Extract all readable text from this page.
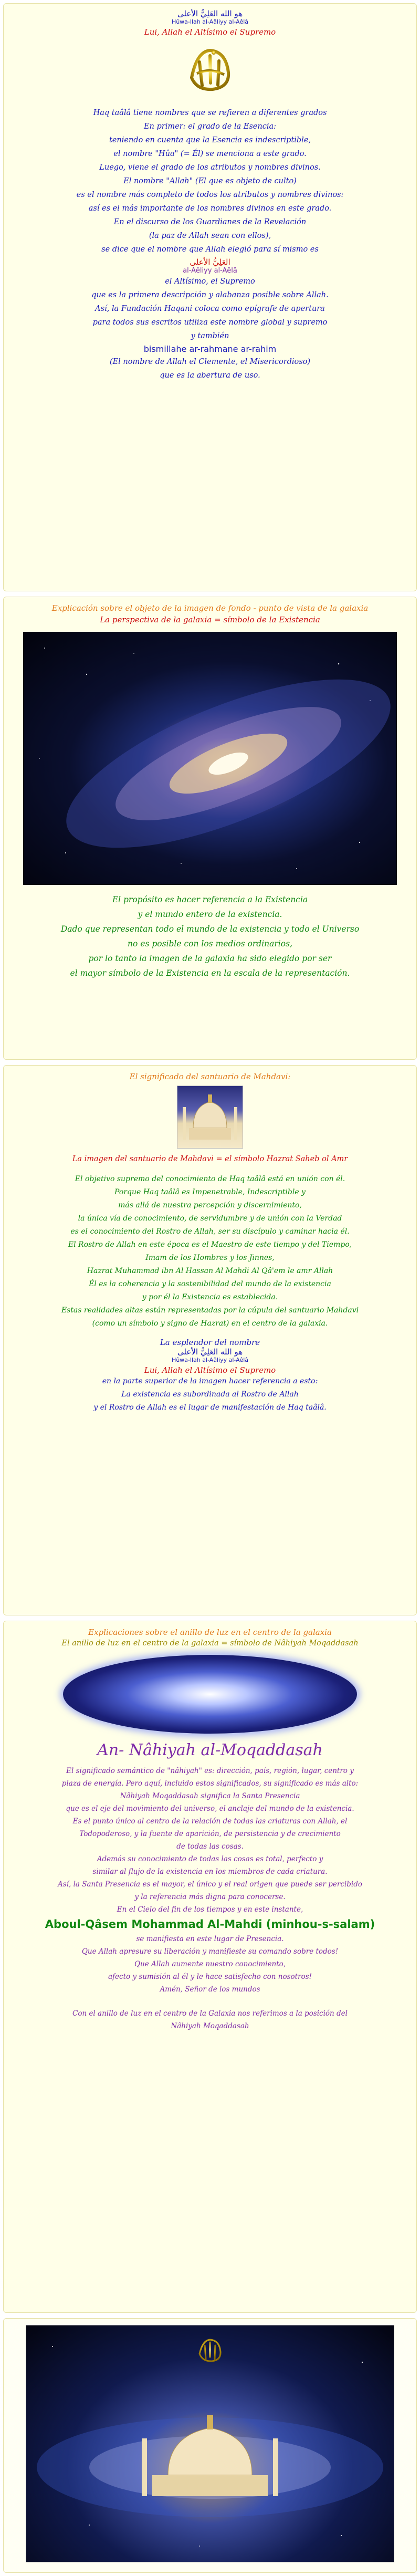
هو الله العَلِيُّ الأعلى
Hûwa-llah al-Aâliyy al-Aêlâ
Lui, Allah el Altísimo el Supremo
Haq taâlâ tiene nombres que se refieren a diferentes grados
En primer: el grado de la Esencia:
teniendo en cuenta que la Esencia es indescriptible,
el nombre "Hûa" (= Él) se menciona a este grado.
Luego, viene el grado de los atributos y nombres divinos.
El nombre "Allah" (El que es objeto de culto)
es el nombre más completo de todos los atributos y nombres divinos:
así es el más importante de los nombres divinos en este grado.
En el discurso de los Guardianes de la Revelación
(la paz de Allah sean con ellos),
se dice que el nombre que Allah elegió para sí mismo es
العَلِيُّ الأعلى
al-Aêliyy al-Aêlâ
el Altísimo, el Supremo
que es la primera descripción y alabanza posible sobre Allah.
Así, la Fundación Haqani coloca como epígrafe de apertura
para todos sus escritos utiliza este nombre global y supremo
y también
bismillahe ar-rahmane ar-rahim
(El nombre de Allah el Clemente, el Misericordioso)
que es la abertura de uso.
Explicación sobre el objeto de la imagen de fondo - punto de vista de la galaxia
La perspectiva de la galaxia = símbolo de la Existencia
El propósito es hacer referencia a la Existencia
y el mundo entero de la existencia.
Dado que representan todo el mundo de la existencia y todo el Universo
no es posible con los medios ordinarios,
por lo tanto la imagen de la galaxia ha sido elegido por ser
el mayor símbolo de la Existencia en la escala de la representación.
El significado del santuario de Mahdavi:
La imagen del santuario de Mahdavi = el símbolo Hazrat Saheb ol Amr
El objetivo supremo del conocimiento de Haq taâlâ está en unión con él.
Porque Haq taâlâ es Impenetrable, Indescriptible y
más allá de nuestra percepción y discernimiento,
la única vía de conocimiento, de servidumbre y de unión con la Verdad
es el conocimiento del Rostro de Allah, ser su discípulo y caminar hacia él.
El Rostro de Allah en este época es el Maestro de este tiempo y del Tiempo,
Imam de los Hombres y los Jinnes,
Hazrat Muhammad ibn Al Hassan Al Mahdi Al Qâ'em le amr Allah
Él es la coherencia y la sostenibilidad del mundo de la existencia
y por él la Existencia es establecida.
Estas realidades altas están representadas por la cúpula del santuario Mahdavi
(como un símbolo y signo de Hazrat) en el centro de la galaxia.
La esplendor del nombre
هو الله العَلِيُّ الأعلى
Hûwa-llah al-Aâliyy al-Aêlâ
Lui, Allah el Altísimo el Supremo
en la parte superior de la imagen hacer referencia a esto:
La existencia es subordinada al Rostro de Allah
y el Rostro de Allah es el lugar de manifestación de Haq taâlâ.
Explicaciones sobre el anillo de luz en el centro de la galaxia
El anillo de luz en el centro de la galaxia = símbolo de Nâhiyah Moqaddasah
An- Nâhiyah al-Moqaddasah
El significado semántico de "nâhiyah" es: dirección, país, región, lugar, centro y
plaza de energía. Pero aquí, incluido estos significados, su significado es más alto:
Nâhiyah Moqaddasah significa la Santa Presencia
que es el eje del movimiento del universo, el anclaje del mundo de la existencia.
Es el punto único al centro de la relación de todas las criaturas con Allah, el
Todopoderoso, y la fuente de aparición, de persistencia y de crecimiento
de todas las cosas.
Además su conocimiento de todas las cosas es total, perfecto y
similar al flujo de la existencia en los miembros de cada criatura.
Así, la Santa Presencia es el mayor, el único y el real origen que puede ser percibido
y la referencia más digna para conocerse.
En el Cielo del fin de los tiempos y en este instante,
Aboul-Qâsem Mohammad Al-Mahdi (minhou-s-salam)
se manifiesta en este lugar de Presencia.
Que Allah apresure su liberación y manifieste su comando sobre todos!
Que Allah aumente nuestro conocimiento,
afecto y sumisión al él y le hace satisfecho con nosotros!
Amén, Señor de los mundos
Con el anillo de luz en el centro de la Galaxia nos referimos a la posición del
Nâhiyah Moqaddasah
